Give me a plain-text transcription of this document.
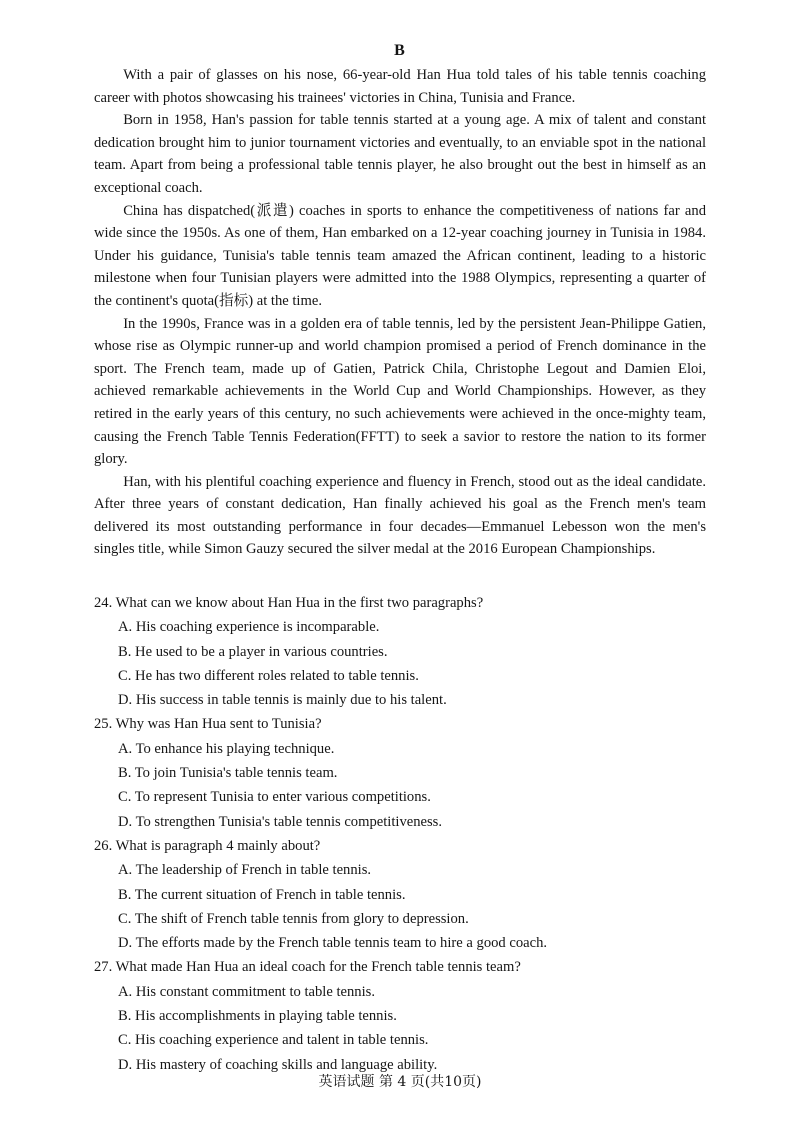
B

With a pair of glasses on his nose, 66-year-old Han Hua told tales of his table tennis coaching career with photos showcasing his trainees' victories in China, Tunisia and France.

Born in 1958, Han's passion for table tennis started at a young age. A mix of talent and constant dedication brought him to junior tournament victories and eventually, to an enviable spot in the national team. Apart from being a professional table tennis player, he also brought out the best in himself as an exceptional coach.

China has dispatched(派遣) coaches in sports to enhance the competitiveness of nations far and wide since the 1950s. As one of them, Han embarked on a 12-year coaching journey in Tunisia in 1984. Under his guidance, Tunisia's table tennis team amazed the African continent, leading to a historic milestone when four Tunisian players were admitted into the 1988 Olympics, representing a quarter of the continent's quota(指标) at the time.

In the 1990s, France was in a golden era of table tennis, led by the persistent Jean-Philippe Gatien, whose rise as Olympic runner-up and world champion promised a period of French dominance in the sport. The French team, made up of Gatien, Patrick Chila, Christophe Legout and Damien Eloi, achieved remarkable achievements in the World Cup and World Championships. However, as they retired in the early years of this century, no such achievements were achieved in the once-mighty team, causing the French Table Tennis Federation(FFTT) to seek a savior to restore the nation to its former glory.

Han, with his plentiful coaching experience and fluency in French, stood out as the ideal candidate. After three years of constant dedication, Han finally achieved his goal as the French men's team delivered its most outstanding performance in four decades—Emmanuel Lebesson won the men's singles title, while Simon Gauzy secured the silver medal at the 2016 European Championships.

24. What can we know about Han Hua in the first two paragraphs?
A. His coaching experience is incomparable.
B. He used to be a player in various countries.
C. He has two different roles related to table tennis.
D. His success in table tennis is mainly due to his talent.
25. Why was Han Hua sent to Tunisia?
A. To enhance his playing technique.
B. To join Tunisia's table tennis team.
C. To represent Tunisia to enter various competitions.
D. To strengthen Tunisia's table tennis competitiveness.
26. What is paragraph 4 mainly about?
A. The leadership of French in table tennis.
B. The current situation of French in table tennis.
C. The shift of French table tennis from glory to depression.
D. The efforts made by the French table tennis team to hire a good coach.
27. What made Han Hua an ideal coach for the French table tennis team?
A. His constant commitment to table tennis.
B. His accomplishments in playing table tennis.
C. His coaching experience and talent in table tennis.
D. His mastery of coaching skills and language ability.
英语试题 第 4 页(共10页)
